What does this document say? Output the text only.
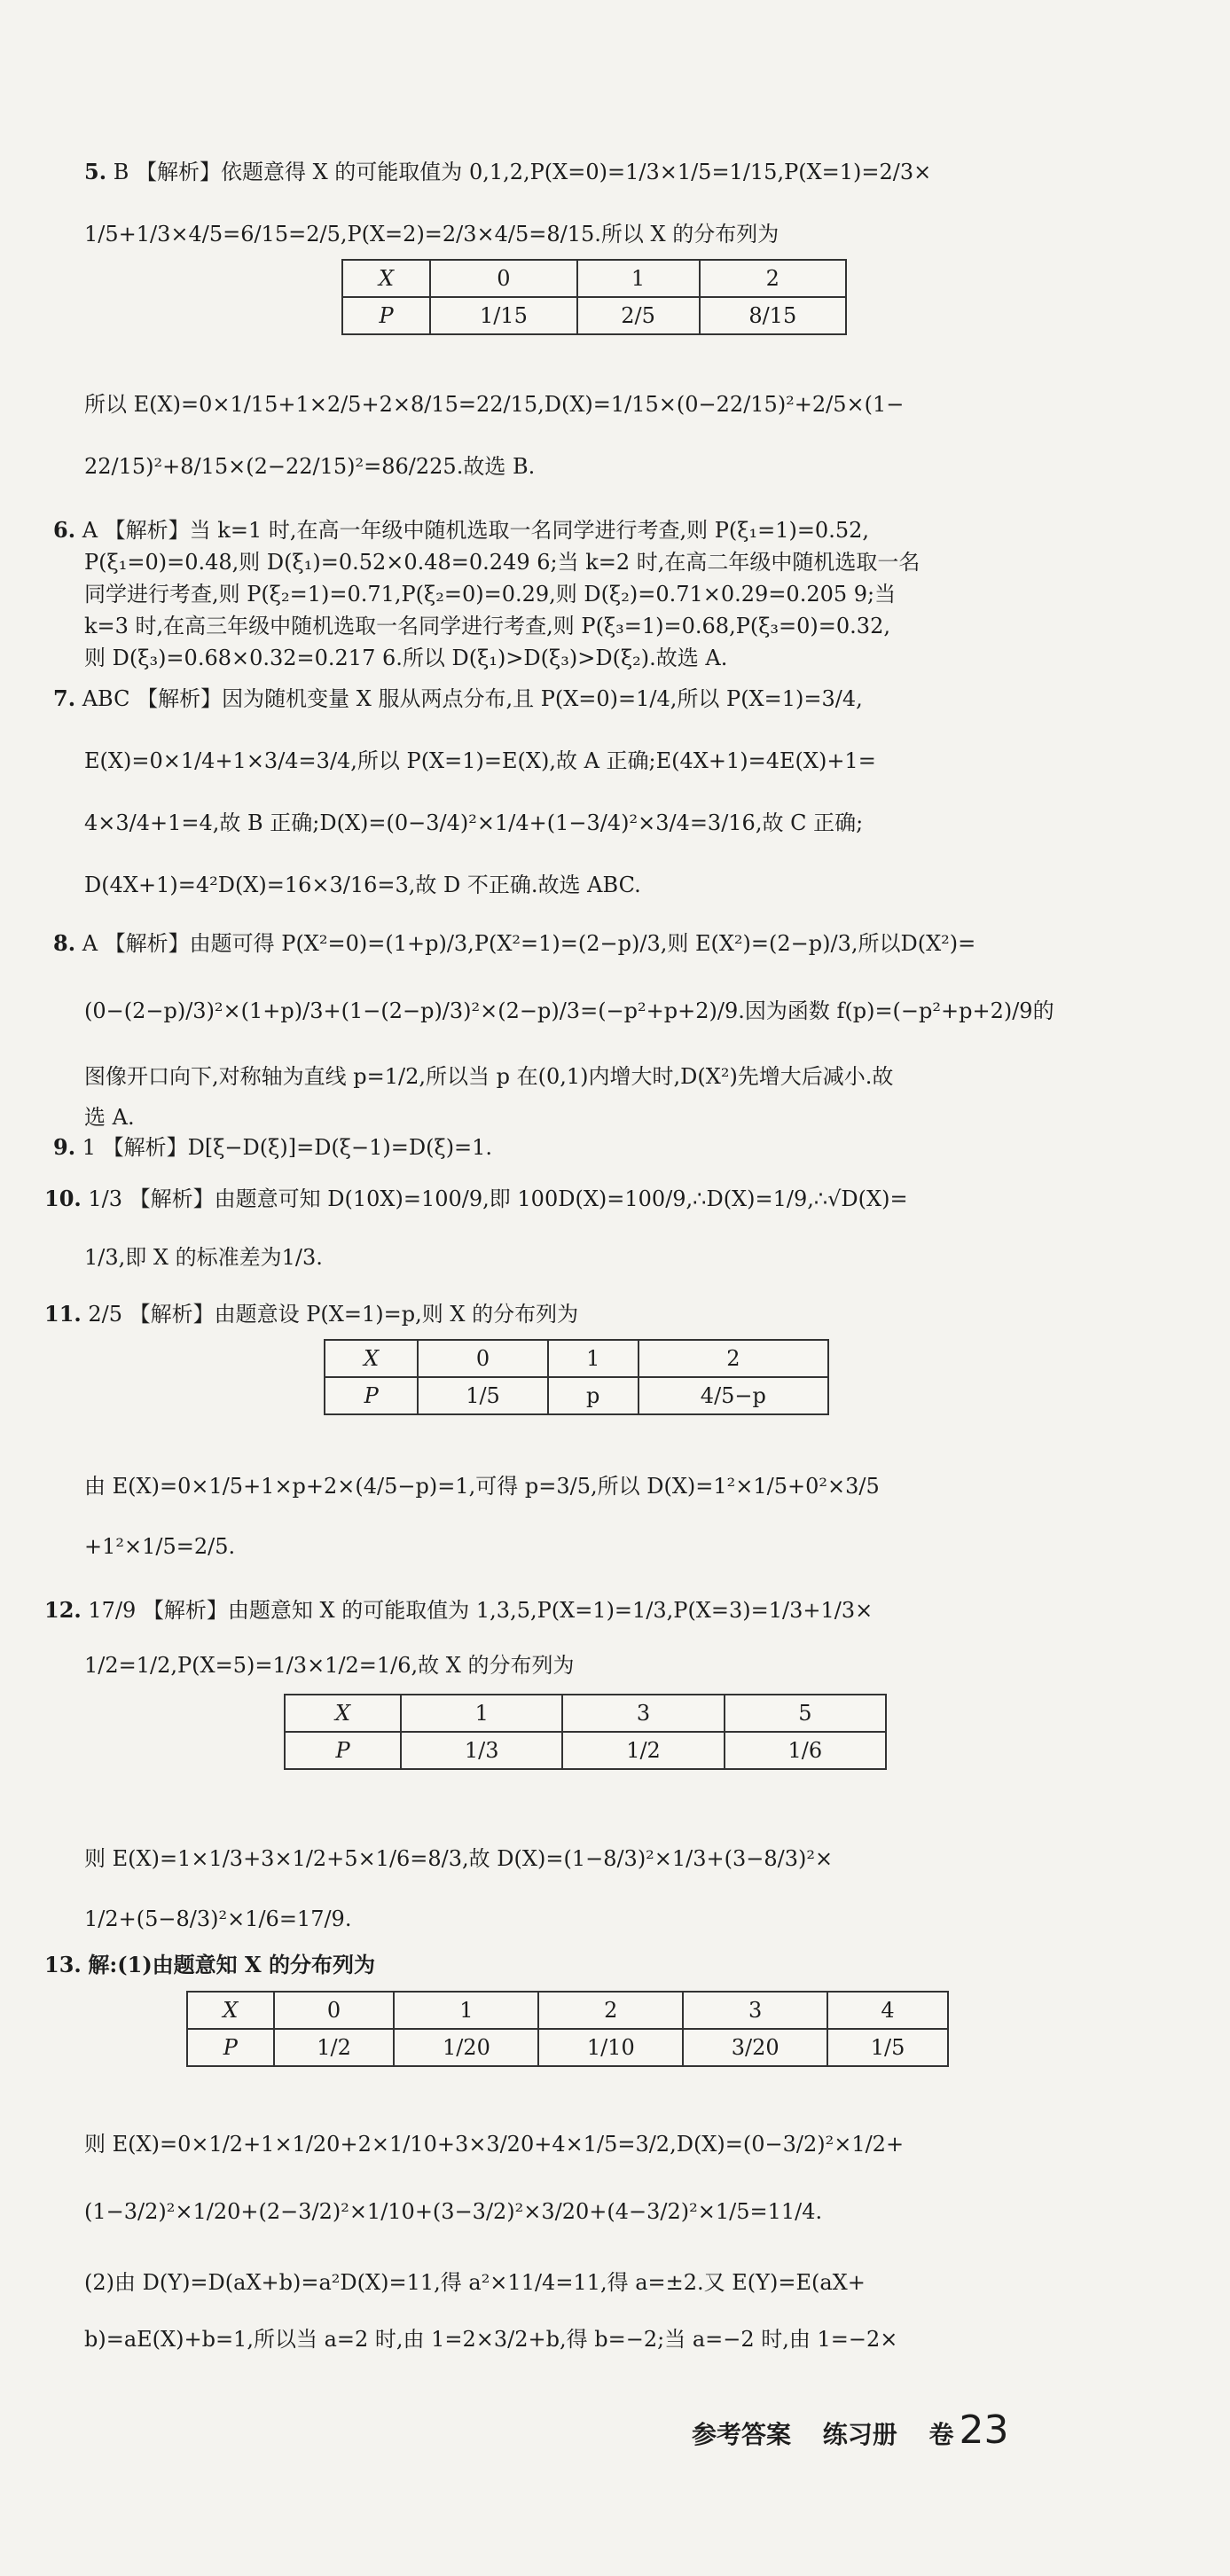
5. B 【解析】依题意得 X 的可能取值为 0,1,2,P(X=0)=1/3×1/5=1/15,P(X=1)=2/3×
1/5+1/3×4/5=6/15=2/5,P(X=2)=2/3×4/5=8/15.所以 X 的分布列为
X	0	1	2
P	1/15	2/5	8/15
所以 E(X)=0×1/15+1×2/5+2×8/15=22/15,D(X)=1/15×(0−22/15)²+2/5×(1−
22/15)²+8/15×(2−22/15)²=86/225.故选 B.
6. A 【解析】当 k=1 时,在高一年级中随机选取一名同学进行考查,则 P(ξ₁=1)=0.52,
P(ξ₁=0)=0.48,则 D(ξ₁)=0.52×0.48=0.249 6;当 k=2 时,在高二年级中随机选取一名
同学进行考查,则 P(ξ₂=1)=0.71,P(ξ₂=0)=0.29,则 D(ξ₂)=0.71×0.29=0.205 9;当
k=3 时,在高三年级中随机选取一名同学进行考查,则 P(ξ₃=1)=0.68,P(ξ₃=0)=0.32,
则 D(ξ₃)=0.68×0.32=0.217 6.所以 D(ξ₁)>D(ξ₃)>D(ξ₂).故选 A.
7. ABC 【解析】因为随机变量 X 服从两点分布,且 P(X=0)=1/4,所以 P(X=1)=3/4,
E(X)=0×1/4+1×3/4=3/4,所以 P(X=1)=E(X),故 A 正确;E(4X+1)=4E(X)+1=
4×3/4+1=4,故 B 正确;D(X)=(0−3/4)²×1/4+(1−3/4)²×3/4=3/16,故 C 正确;
D(4X+1)=4²D(X)=16×3/16=3,故 D 不正确.故选 ABC.
8. A 【解析】由题可得 P(X²=0)=(1+p)/3,P(X²=1)=(2−p)/3,则 E(X²)=(2−p)/3,所以D(X²)=
(0−(2−p)/3)²×(1+p)/3+(1−(2−p)/3)²×(2−p)/3=(−p²+p+2)/9.因为函数 f(p)=(−p²+p+2)/9的
图像开口向下,对称轴为直线 p=1/2,所以当 p 在(0,1)内增大时,D(X²)先增大后减小.故
选 A.
9. 1 【解析】D[ξ−D(ξ)]=D(ξ−1)=D(ξ)=1.
10. 1/3 【解析】由题意可知 D(10X)=100/9,即 100D(X)=100/9,∴D(X)=1/9,∴√D(X)=
1/3,即 X 的标准差为1/3.
11. 2/5 【解析】由题意设 P(X=1)=p,则 X 的分布列为
X	0	1	2
P	1/5	p	4/5−p
由 E(X)=0×1/5+1×p+2×(4/5−p)=1,可得 p=3/5,所以 D(X)=1²×1/5+0²×3/5
+1²×1/5=2/5.
12. 17/9 【解析】由题意知 X 的可能取值为 1,3,5,P(X=1)=1/3,P(X=3)=1/3+1/3×
1/2=1/2,P(X=5)=1/3×1/2=1/6,故 X 的分布列为
X	1	3	5
P	1/3	1/2	1/6
则 E(X)=1×1/3+3×1/2+5×1/6=8/3,故 D(X)=(1−8/3)²×1/3+(3−8/3)²×
1/2+(5−8/3)²×1/6=17/9.
13. 解:(1)由题意知 X 的分布列为
X	0	1	2	3	4
P	1/2	1/20	1/10	3/20	1/5
则 E(X)=0×1/2+1×1/20+2×1/10+3×3/20+4×1/5=3/2,D(X)=(0−3/2)²×1/2+
(1−3/2)²×1/20+(2−3/2)²×1/10+(3−3/2)²×3/20+(4−3/2)²×1/5=11/4.
(2)由 D(Y)=D(aX+b)=a²D(X)=11,得 a²×11/4=11,得 a=±2.又 E(Y)=E(aX+
b)=aE(X)+b=1,所以当 a=2 时,由 1=2×3/2+b,得 b=−2;当 a=−2 时,由 1=−2×
参考答案 练习册 卷 23
